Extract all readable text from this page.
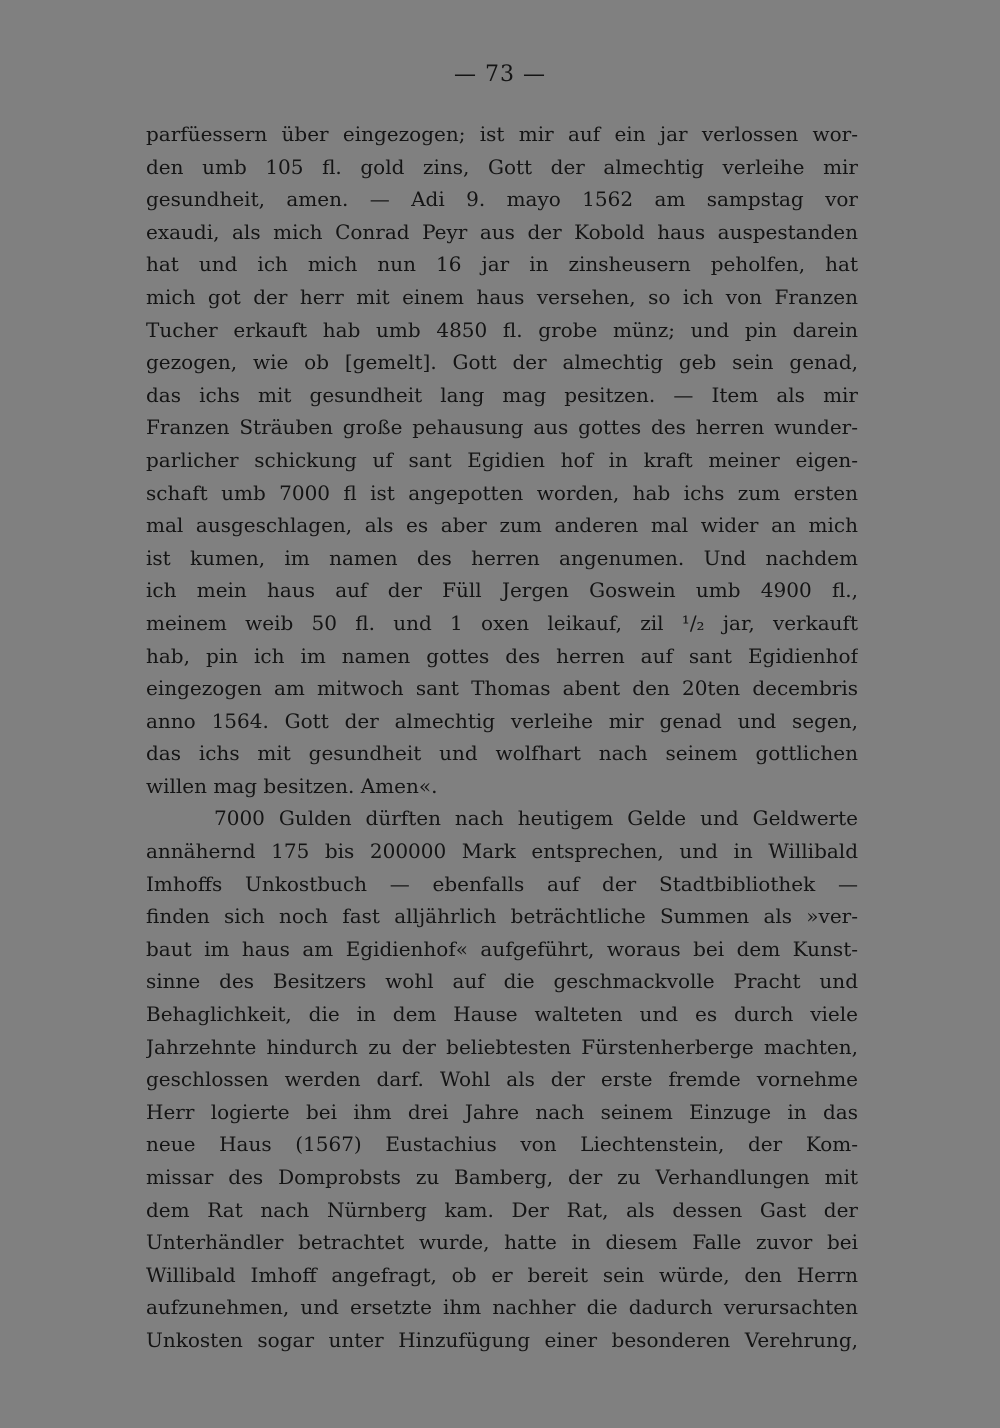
— 73 —
parfüessern über eingezogen; ist mir auf ein jar verlossen wor-
den umb 105 fl. gold zins, Gott der almechtig verleihe mir
gesundheit, amen. — Adi 9. mayo 1562 am sampstag vor
exaudi, als mich Conrad Peyr aus der Kobold haus auspestanden
hat und ich mich nun 16 jar in zinsheusern peholfen, hat
mich got der herr mit einem haus versehen, so ich von Franzen
Tucher erkauft hab umb 4850 fl. grobe münz; und pin darein
gezogen, wie ob [gemelt]. Gott der almechtig geb sein genad,
das ichs mit gesundheit lang mag pesitzen. — Item als mir
Franzen Sträuben große pehausung aus gottes des herren wunder-
parlicher schickung uf sant Egidien hof in kraft meiner eigen-
schaft umb 7000 fl ist angepotten worden, hab ichs zum ersten
mal ausgeschlagen, als es aber zum anderen mal wider an mich
ist kumen, im namen des herren angenumen. Und nachdem
ich mein haus auf der Füll Jergen Goswein umb 4900 fl.,
meinem weib 50 fl. und 1 oxen leikauf, zil ¹/₂ jar, verkauft
hab, pin ich im namen gottes des herren auf sant Egidienhof
eingezogen am mitwoch sant Thomas abent den 20ten decembris
anno 1564. Gott der almechtig verleihe mir genad und segen,
das ichs mit gesundheit und wolfhart nach seinem gottlichen
willen mag besitzen. Amen«.
7000 Gulden dürften nach heutigem Gelde und Geldwerte
annähernd 175 bis 200000 Mark entsprechen, und in Willibald
Imhoffs Unkostbuch — ebenfalls auf der Stadtbibliothek —
finden sich noch fast alljährlich beträchtliche Summen als »ver-
baut im haus am Egidienhof« aufgeführt, woraus bei dem Kunst-
sinne des Besitzers wohl auf die geschmackvolle Pracht und
Behaglichkeit, die in dem Hause walteten und es durch viele
Jahrzehnte hindurch zu der beliebtesten Fürstenherberge machten,
geschlossen werden darf. Wohl als der erste fremde vornehme
Herr logierte bei ihm drei Jahre nach seinem Einzuge in das
neue Haus (1567) Eustachius von Liechtenstein, der Kom-
missar des Domprobsts zu Bamberg, der zu Verhandlungen mit
dem Rat nach Nürnberg kam. Der Rat, als dessen Gast der
Unterhändler betrachtet wurde, hatte in diesem Falle zuvor bei
Willibald Imhoff angefragt, ob er bereit sein würde, den Herrn
aufzunehmen, und ersetzte ihm nachher die dadurch verursachten
Unkosten sogar unter Hinzufügung einer besonderen Verehrung,
